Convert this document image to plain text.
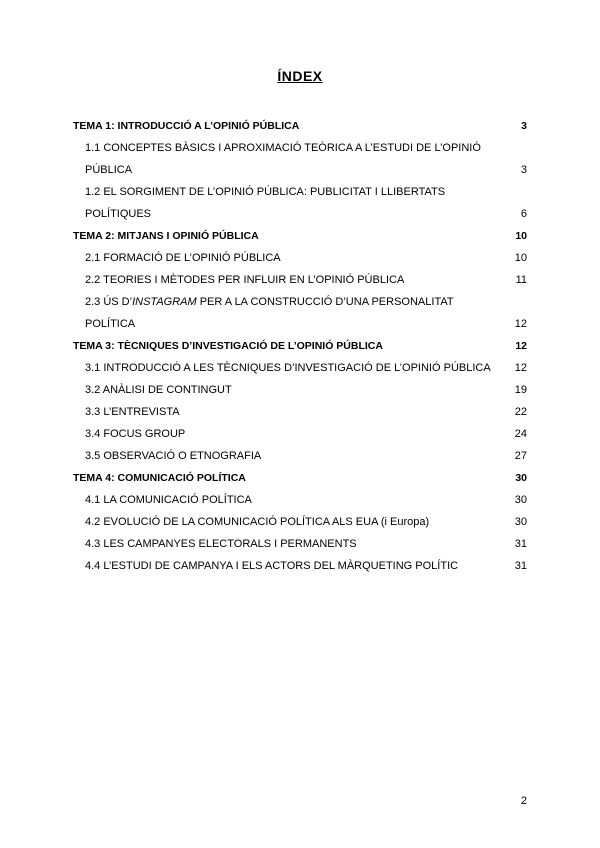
ÍNDEX
TEMA 1: INTRODUCCIÓ A L’OPINIÓ PÚBLICA	3
1.1 CONCEPTES BÀSICS I APROXIMACIÓ TEÒRICA A L’ESTUDI DE L’OPINIÓ
PÚBLICA	3
1.2 EL SORGIMENT DE L’OPINIÓ PÚBLICA: PUBLICITAT I LLIBERTATS
POLÍTIQUES	6
TEMA 2: MITJANS I OPINIÓ PÚBLICA	10
2.1 FORMACIÓ DE L’OPINIÓ PÚBLICA	10
2.2 TEORIES I MÈTODES PER INFLUIR EN L’OPINIÓ PÚBLICA	11
2.3 ÚS D’INSTAGRAM PER A LA CONSTRUCCIÓ D’UNA PERSONALITAT
POLÍTICA	12
TEMA 3: TÈCNIQUES D’INVESTIGACIÓ DE L’OPINIÓ PÚBLICA	12
3.1 INTRODUCCIÓ A LES TÈCNIQUES D’INVESTIGACIÓ DE L’OPINIÓ PÚBLICA	12
3.2 ANÀLISI DE CONTINGUT	19
3.3 L’ENTREVISTA	22
3.4 FOCUS GROUP	24
3.5 OBSERVACIÓ O ETNOGRAFIA	27
TEMA 4: COMUNICACIÓ POLÍTICA	30
4.1 LA COMUNICACIÓ POLÍTICA	30
4.2 EVOLUCIÓ DE LA COMUNICACIÓ POLÍTICA ALS EUA (i Europa)	30
4.3 LES CAMPANYES ELECTORALS I PERMANENTS	31
4.4 L’ESTUDI DE CAMPANYA I ELS ACTORS DEL MÀRQUETING POLÍTIC	31
2
